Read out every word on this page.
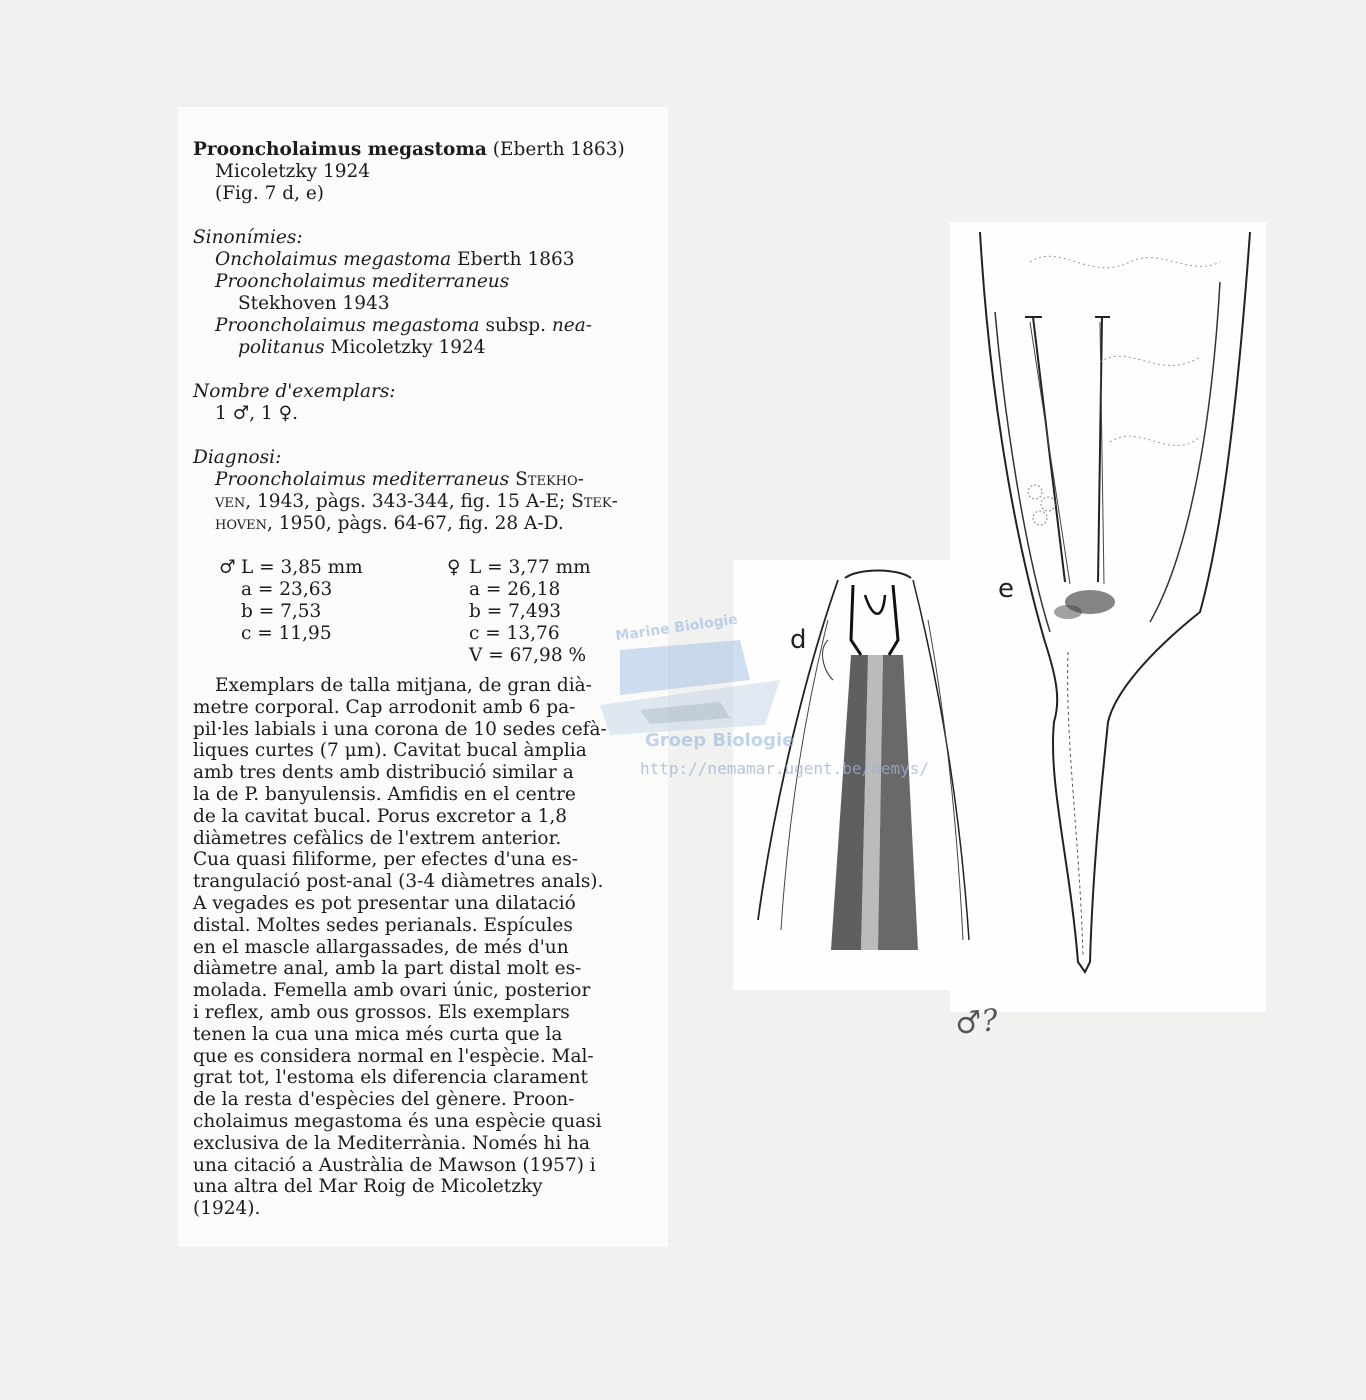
Prooncholaimus megastoma (Eberth 1863)
Micoletzky 1924
(Fig. 7 d, e)
Sinonímies:
Oncholaimus megastoma Eberth 1863
Prooncholaimus mediterraneus
Stekhoven 1943
Prooncholaimus megastoma subsp. nea-
politanus Micoletzky 1924
Nombre d'exemplars:
1 ♂, 1 ♀.
Diagnosi:
Prooncholaimus mediterraneus Stekho-
ven, 1943, pàgs. 343-344, fig. 15 A-E; Stek-
hoven, 1950, pàgs. 64-67, fig. 28 A-D.
♂ L = 3,85 mm
a = 23,63
b = 7,53
c = 11,95
♀ L = 3,77 mm
a = 26,18
b = 7,493
c = 13,76
V = 67,98 %
Exemplars de talla mitjana, de gran dià-
metre corporal. Cap arrodonit amb 6 pa-
pil·les labials i una corona de 10 sedes cefà-
liques curtes (7 μm). Cavitat bucal àmplia
amb tres dents amb distribució similar a
la de P. banyulensis. Amfidis en el centre
de la cavitat bucal. Porus excretor a 1,8
diàmetres cefàlics de l'extrem anterior.
Cua quasi filiforme, per efectes d'una es-
trangulació post-anal (3-4 diàmetres anals).
A vegades es pot presentar una dilatació
distal. Moltes sedes perianals. Espícules
en el mascle allargassades, de més d'un
diàmetre anal, amb la part distal molt es-
molada. Femella amb ovari únic, posterior
i reflex, amb ous grossos. Els exemplars
tenen la cua una mica més curta que la
que es considera normal en l'espècie. Mal-
grat tot, l'estoma els diferencia clarament
de la resta d'espècies del gènere. Proon-
cholaimus megastoma és una espècie quasi
exclusiva de la Mediterrània. Només hi ha
una citació a Austràlia de Mawson (1957) i
una altra del Mar Roig de Micoletzky
(1924).
d
e
♂?
Marine Biologie
Groep Biologie
http://nemamar.ugent.be/nemys/
